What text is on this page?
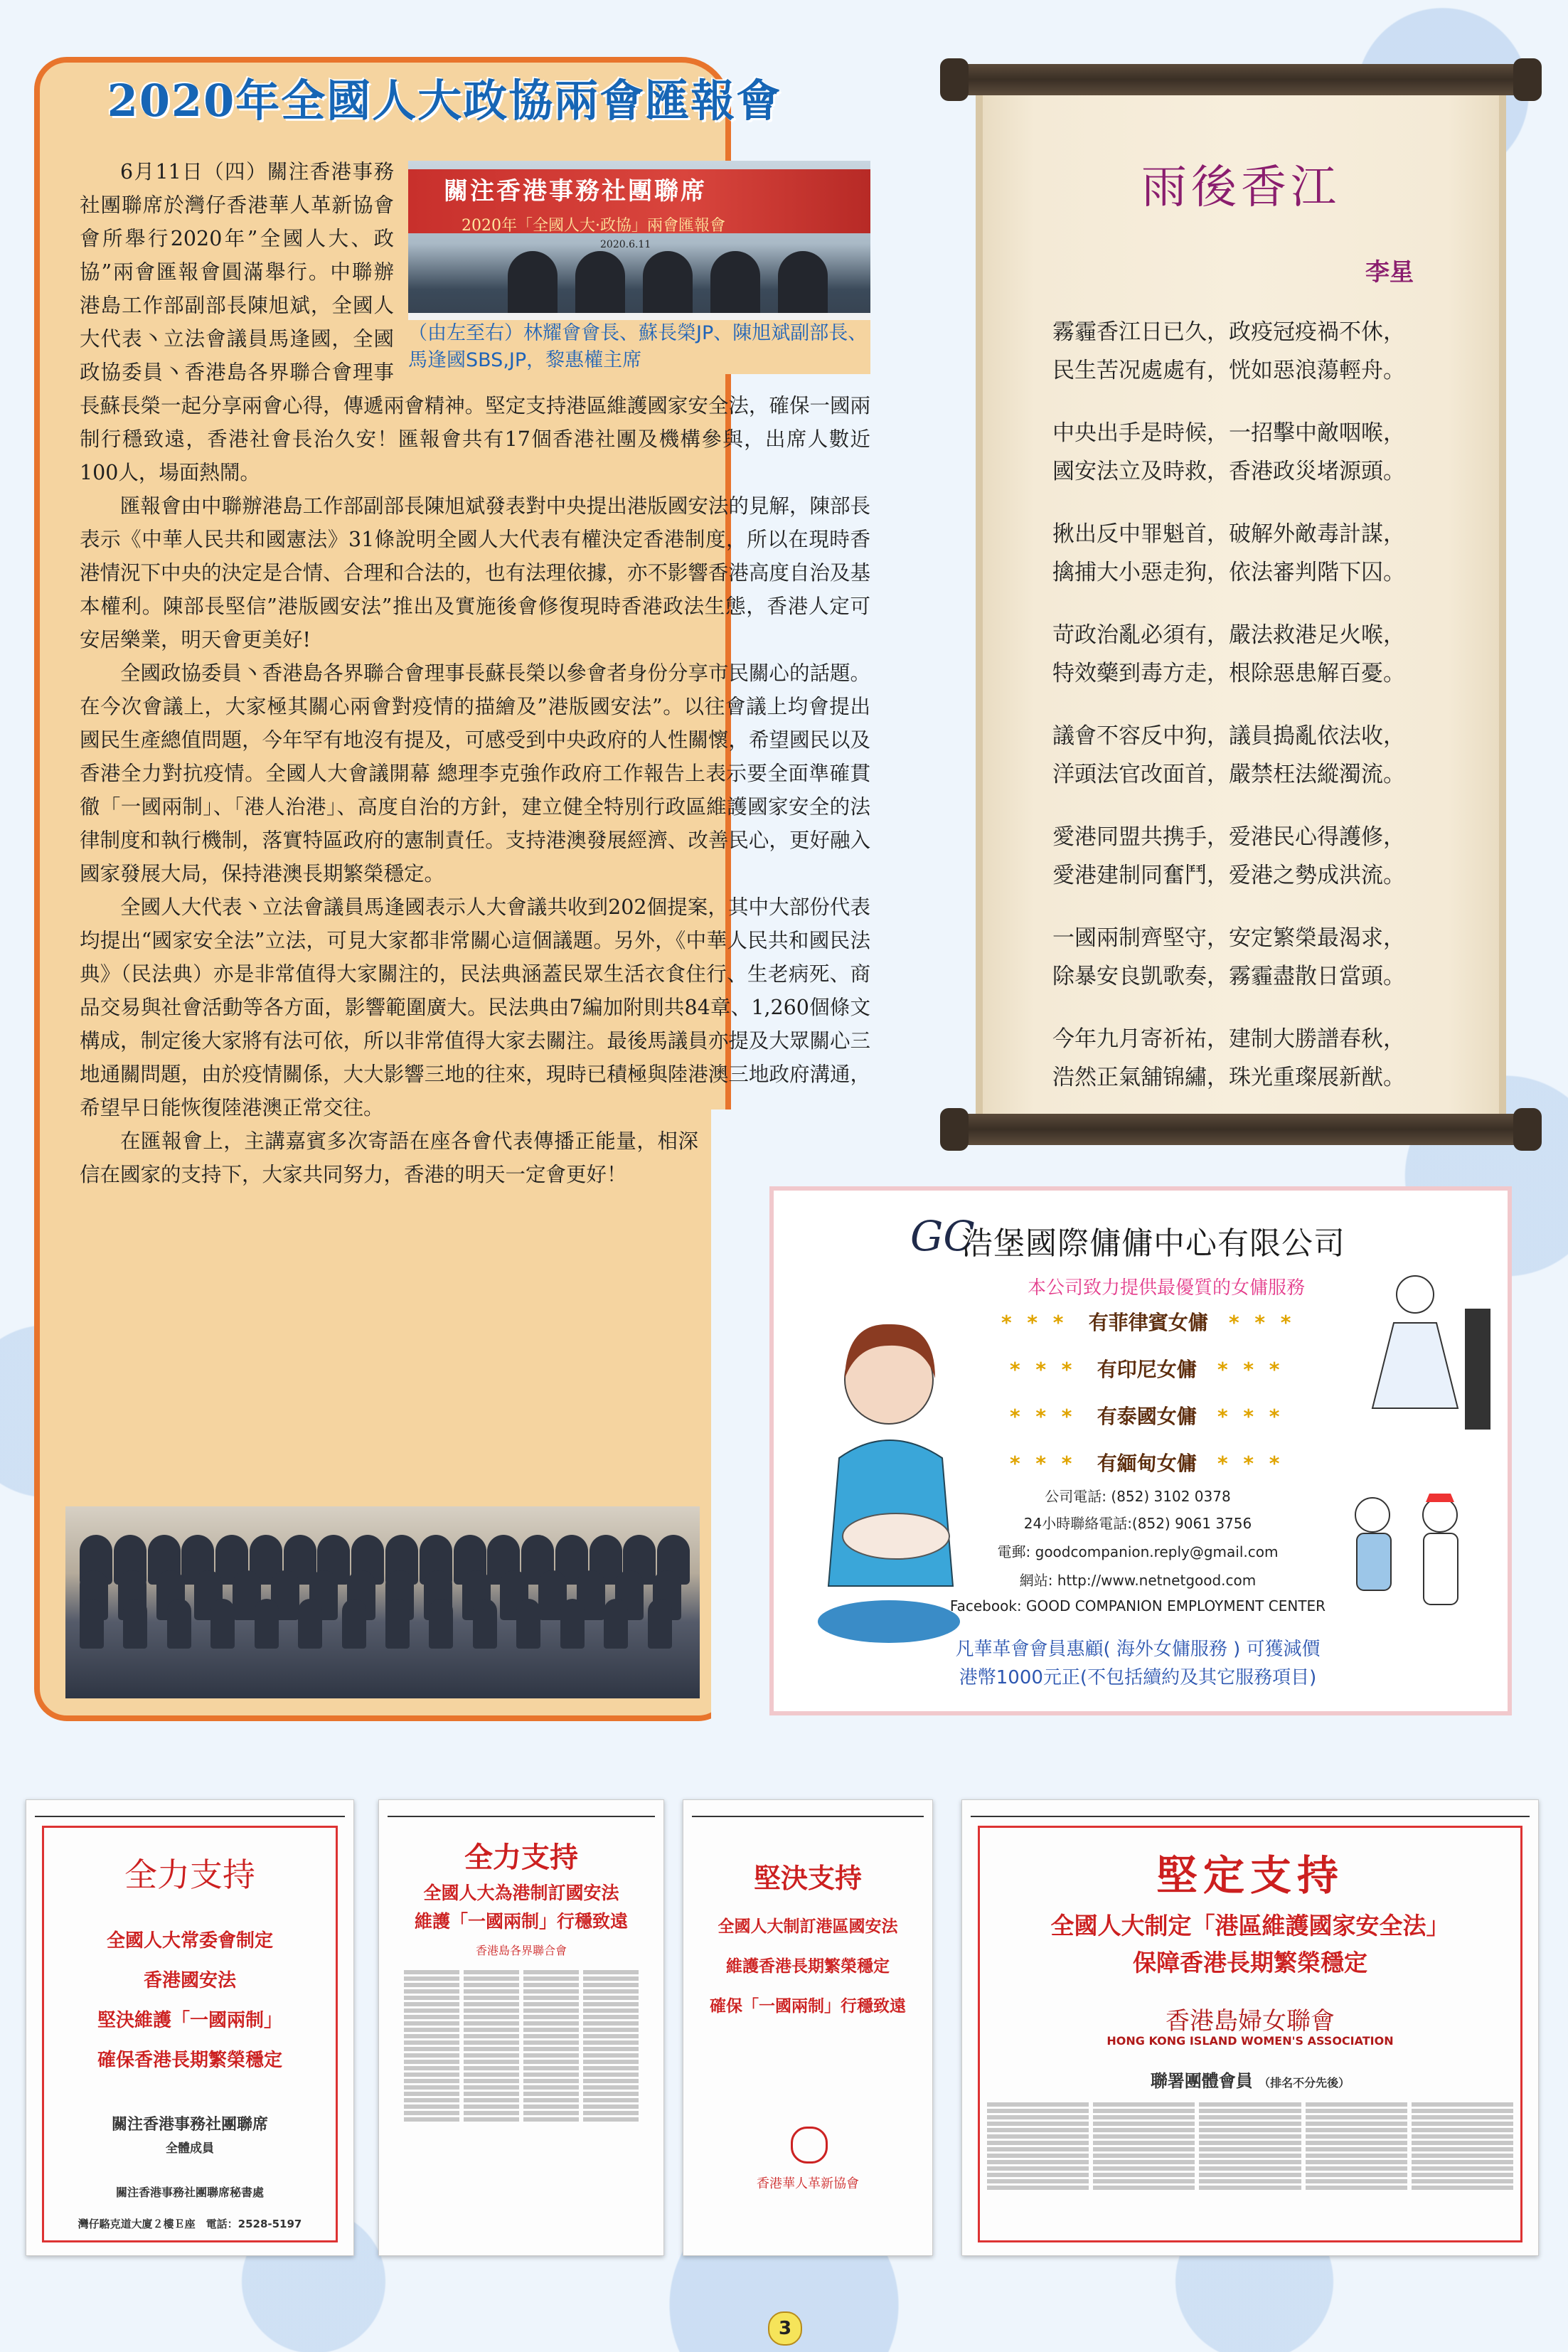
2020年全國人大政協兩會匯報會
關注香港事務社團聯席
2020年「全國人大·政協」兩會匯報會
2020.6.11
（由左至右）林耀會會長、蘇長榮JP、陳旭斌副部長、馬逢國SBS,JP，黎惠權主席

6月11日（四）關注香港事務社團聯席於灣仔香港華人革新協會會所舉行2020年”全國人大、政協”兩會匯報會圓滿舉行。中聯辦港島工作部副部長陳旭斌，全國人大代表丶立法會議員馬逢國，全國政協委員丶香港島各界聯合會理事長蘇長榮一起分享兩會心得，傳遞兩會精神。堅定支持港區維護國家安全法，確保一國兩制行穩致遠，香港社會長治久安！匯報會共有17個香港社團及機構參與，出席人數近100人，場面熱鬧。

匯報會由中聯辦港島工作部副部長陳旭斌發表對中央提出港版國安法的見解，陳部長表示《中華人民共和國憲法》31條說明全國人大代表有權決定香港制度，所以在現時香港情況下中央的決定是合情、合理和合法的，也有法理依據，亦不影響香港高度自治及基本權利。陳部長堅信”港版國安法”推出及實施後會修復現時香港政法生態，香港人定可安居樂業，明天會更美好!

全國政協委員丶香港島各界聯合會理事長蘇長榮以參會者身份分享市民關心的話題。在今次會議上，大家極其關心兩會對疫情的描繪及”港版國安法”。以往會議上均會提出國民生產總值問題，今年罕有地沒有提及，可感受到中央政府的人性關懷，希望國民以及香港全力對抗疫情。全國人大會議開幕 總理李克強作政府工作報告上表示要全面準確貫徹「一國兩制」、「港人治港」、高度自治的方針，建立健全特別行政區維護國家安全的法律制度和執行機制，落實特區政府的憲制責任。支持港澳發展經濟、改善民心，更好融入國家發展大局，保持港澳長期繁榮穩定。

全國人大代表丶立法會議員馬逢國表示人大會議共收到202個提案，其中大部份代表均提出“國家安全法”立法，可見大家都非常關心這個議題。另外，《中華人民共和國民法典》（民法典）亦是非常值得大家關注的，民法典涵蓋民眾生活衣食住行、生老病死、商品交易與社會活動等各方面，影響範圍廣大。民法典由7編加附則共84章、1,260個條文構成，制定後大家將有法可依，所以非常值得大家去關注。最後馬議員亦提及大眾關心三地通關問題，由於疫情關係，大大影響三地的往來，現時已積極與陸港澳三地政府溝通，希望早日能恢復陸港澳正常交往。

在匯報會上，主講嘉賓多次寄語在座各會代表傳播正能量，相深信在國家的支持下，大家共同努力，香港的明天一定會更好！

雨後香江
李星
霧霾香江日已久，政疫冠疫禍不休，
民生苦况處處有，恍如惡浪蕩輕舟。
中央出手是時候，一招擊中敵咽喉，
國安法立及時救，香港政災堵源頭。
揪出反中罪魁首，破解外敵毒計謀，
擒捕大小惡走狗，依法審判階下囚。
苛政治亂必須有，嚴法救港足火喉，
特效藥到毒方走，根除惡患解百憂。
議會不容反中狗，議員搗亂依法收，
洋頭法官改面首，嚴禁枉法縱濁流。
愛港同盟共携手，爱港民心得護修，
愛港建制同奮鬥，爱港之勢成洪流。
一國兩制齊堅守，安定繁榮最渴求，
除暴安良凱歌奏，霧霾盡散日當頭。
今年九月寄祈祐，建制大勝譜春秋，
浩然正氣舖锦繡，珠光重璨展新猷。
GC
浩堡國際傭傭中心有限公司
本公司致力提供最優質的女傭服務
* * * 有菲律賓女傭 * * *
* * * 有印尼女傭 * * *
* * * 有泰國女傭 * * *
* * * 有緬甸女傭 * * *
公司電話: (852) 3102 0378
24小時聯絡電話:(852) 9061 3756
電郵: goodcompanion.reply@gmail.com
網站: http://www.netnetgood.com
Facebook: GOOD COMPANION EMPLOYMENT CENTER
凡華革會會員惠顧( 海外女傭服務 ) 可獲減價
港幣1000元正(不包括續約及其它服務項目)
全力支持
全國人大常委會制定
香港國安法
堅決維護「一國兩制」
確保香港長期繁榮穩定
關注香港事務社團聯席
全體成員
關注香港事務社團聯席秘書處
灣仔駱克道大廈２樓Ｅ座　電話：2528-5197
全力支持
全國人大為港制訂國安法
維護「一國兩制」行穩致遠
香港島各界聯合會
堅決支持
全國人大制訂港區國安法
維護香港長期繁榮穩定
確保「一國兩制」行穩致遠
香港華人革新協會
堅定支持
全國人大制定「港區維護國家安全法」
保障香港長期繁榮穩定
香港島婦女聯會
HONG KONG ISLAND WOMEN'S ASSOCIATION
聯署團體會員 （排名不分先後）
3
